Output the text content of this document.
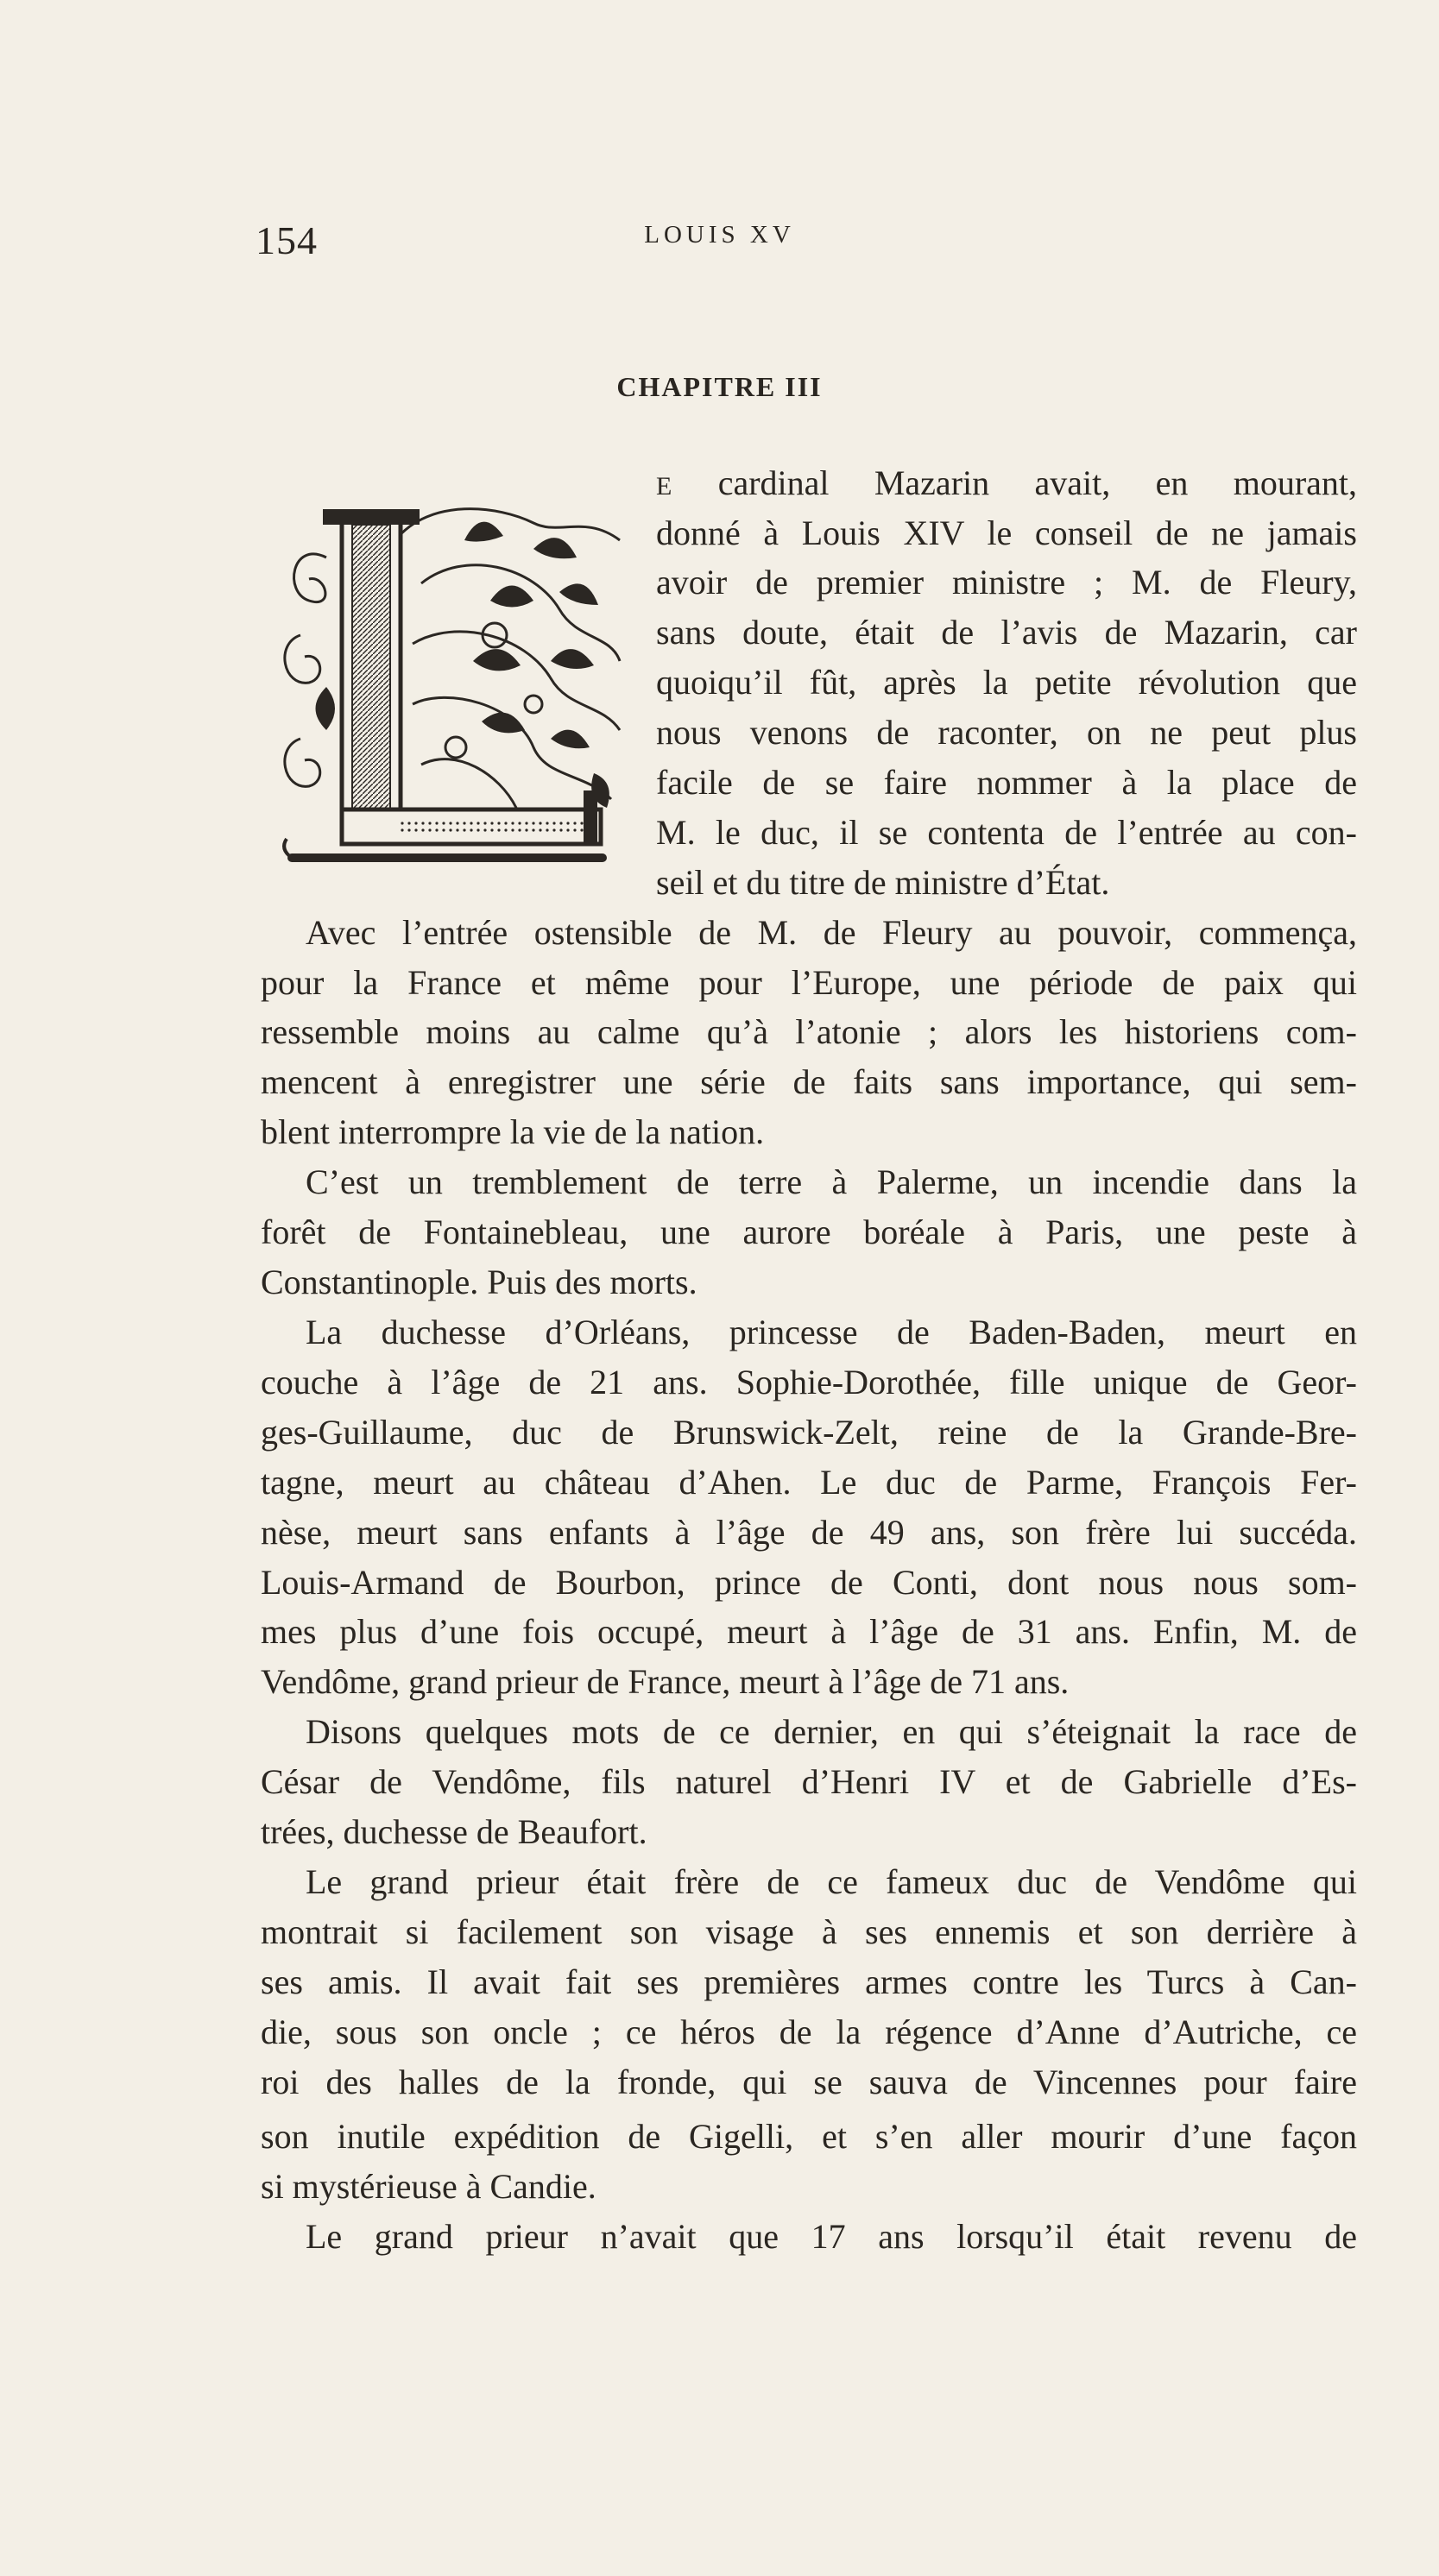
154	LOUIS XV
CHAPITRE III
E cardinal Mazarin avait, en mourant,
donné à Louis XIV le conseil de ne jamais
avoir de premier ministre ; M. de Fleury,
sans doute, était de l’avis de Mazarin, car
quoiqu’il fût, après la petite révolution que
nous venons de raconter, on ne peut plus
facile de se faire nommer à la place de
M. le duc, il se contenta de l’entrée au con-
seil et du titre de ministre d’État.
Avec l’entrée ostensible de M. de Fleury au pouvoir, commença,
pour la France et même pour l’Europe, une période de paix qui
ressemble moins au calme qu’à l’atonie ; alors les historiens com-
mencent à enregistrer une série de faits sans importance, qui sem-
blent interrompre la vie de la nation.
C’est un tremblement de terre à Palerme, un incendie dans la
forêt de Fontainebleau, une aurore boréale à Paris, une peste à
Constantinople. Puis des morts.
La duchesse d’Orléans, princesse de Baden-Baden, meurt en
couche à l’âge de 21 ans. Sophie-Dorothée, fille unique de Geor-
ges-Guillaume, duc de Brunswick-Zelt, reine de la Grande-Bre-
tagne, meurt au château d’Ahen. Le duc de Parme, François Fer-
nèse, meurt sans enfants à l’âge de 49 ans, son frère lui succéda.
Louis-Armand de Bourbon, prince de Conti, dont nous nous som-
mes plus d’une fois occupé, meurt à l’âge de 31 ans. Enfin, M. de
Vendôme, grand prieur de France, meurt à l’âge de 71 ans.
Disons quelques mots de ce dernier, en qui s’éteignait la race de
César de Vendôme, fils naturel d’Henri IV et de Gabrielle d’Es-
trées, duchesse de Beaufort.
Le grand prieur était frère de ce fameux duc de Vendôme qui
montrait si facilement son visage à ses ennemis et son derrière à
ses amis. Il avait fait ses premières armes contre les Turcs à Can-
die, sous son oncle ; ce héros de la régence d’Anne d’Autriche, ce
roi des halles de la fronde, qui se sauva de Vincennes pour faire
son inutile expédition de Gigelli, et s’en aller mourir d’une façon
si mystérieuse à Candie.
Le grand prieur n’avait que 17 ans lorsqu’il était revenu de
